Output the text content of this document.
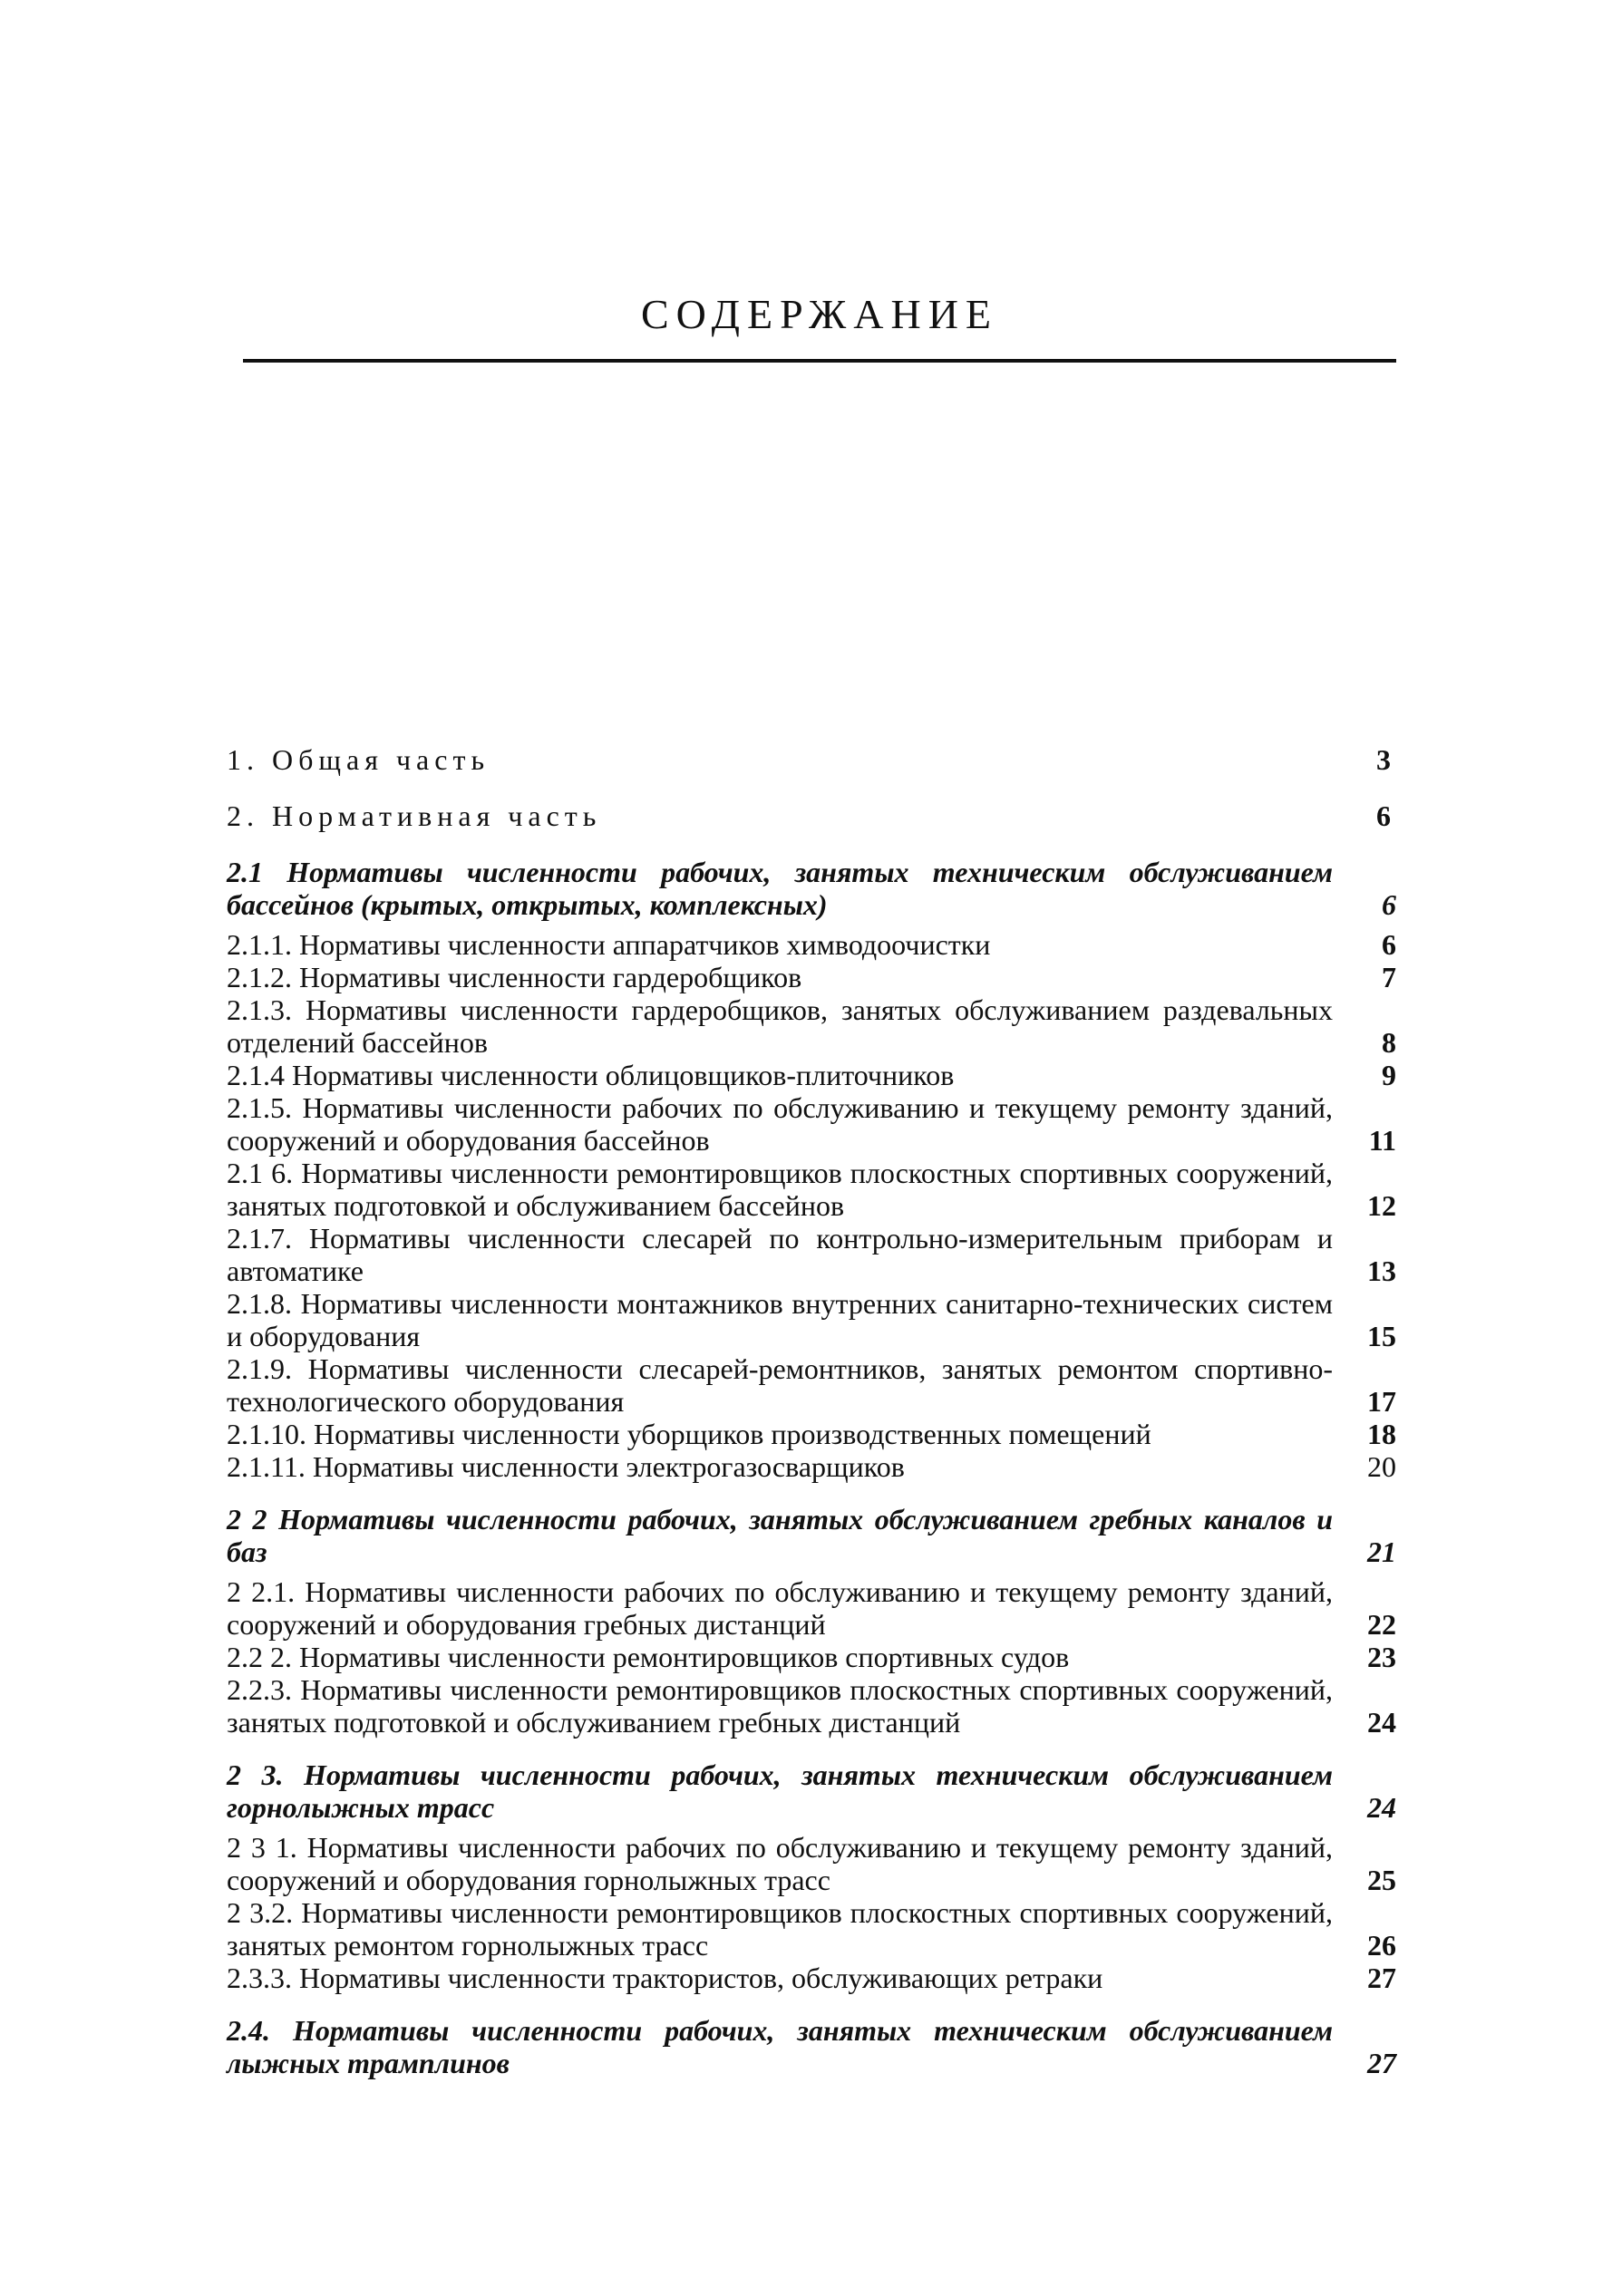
СОДЕРЖАНИЕ
1. Общая часть	3
2. Нормативная часть	6
2.1 Нормативы численности рабочих, занятых техническим обслуживанием бассейнов (крытых, открытых, комплексных)	6
2.1.1. Нормативы численности аппаратчиков химводоочистки	6
2.1.2. Нормативы численности гардеробщиков	7
2.1.3. Нормативы численности гардеробщиков, занятых обслуживанием раздевальных отделений бассейнов	8
2.1.4 Нормативы численности облицовщиков-плиточников	9
2.1.5. Нормативы численности рабочих по обслуживанию и текущему ремонту зданий, сооружений и оборудования бассейнов	11
2.1 6. Нормативы численности ремонтировщиков плоскостных спортивных сооружений, занятых подготовкой и обслуживанием бассейнов	12
2.1.7. Нормативы численности слесарей по контрольно-измерительным приборам и автоматике	13
2.1.8. Нормативы численности монтажников внутренних санитарно-технических систем и оборудования	15
2.1.9. Нормативы численности слесарей-ремонтников, занятых ремонтом спортивно-технологического оборудования	17
2.1.10. Нормативы численности уборщиков производственных помещений	18
2.1.11. Нормативы численности электрогазосварщиков	20
2 2 Нормативы численности рабочих, занятых обслуживанием гребных каналов и баз	21
2 2.1. Нормативы численности рабочих по обслуживанию и текущему ремонту зданий, сооружений и оборудования гребных дистанций	22
2.2 2. Нормативы численности ремонтировщиков спортивных судов	23
2.2.3. Нормативы численности ремонтировщиков плоскостных спортивных сооружений, занятых подготовкой и обслуживанием гребных дистанций	24
2 3. Нормативы численности рабочих, занятых техническим обслуживанием горнолыжных трасс	24
2 3 1. Нормативы численности рабочих по обслуживанию и текущему ремонту зданий, сооружений и оборудования горнолыжных трасс	25
2 3.2. Нормативы численности ремонтировщиков плоскостных спортивных сооружений, занятых ремонтом горнолыжных трасс	26
2.3.3. Нормативы численности трактористов, обслуживающих ретраки	27
2.4. Нормативы численности рабочих, занятых техническим обслуживанием лыжных трамплинов	27
